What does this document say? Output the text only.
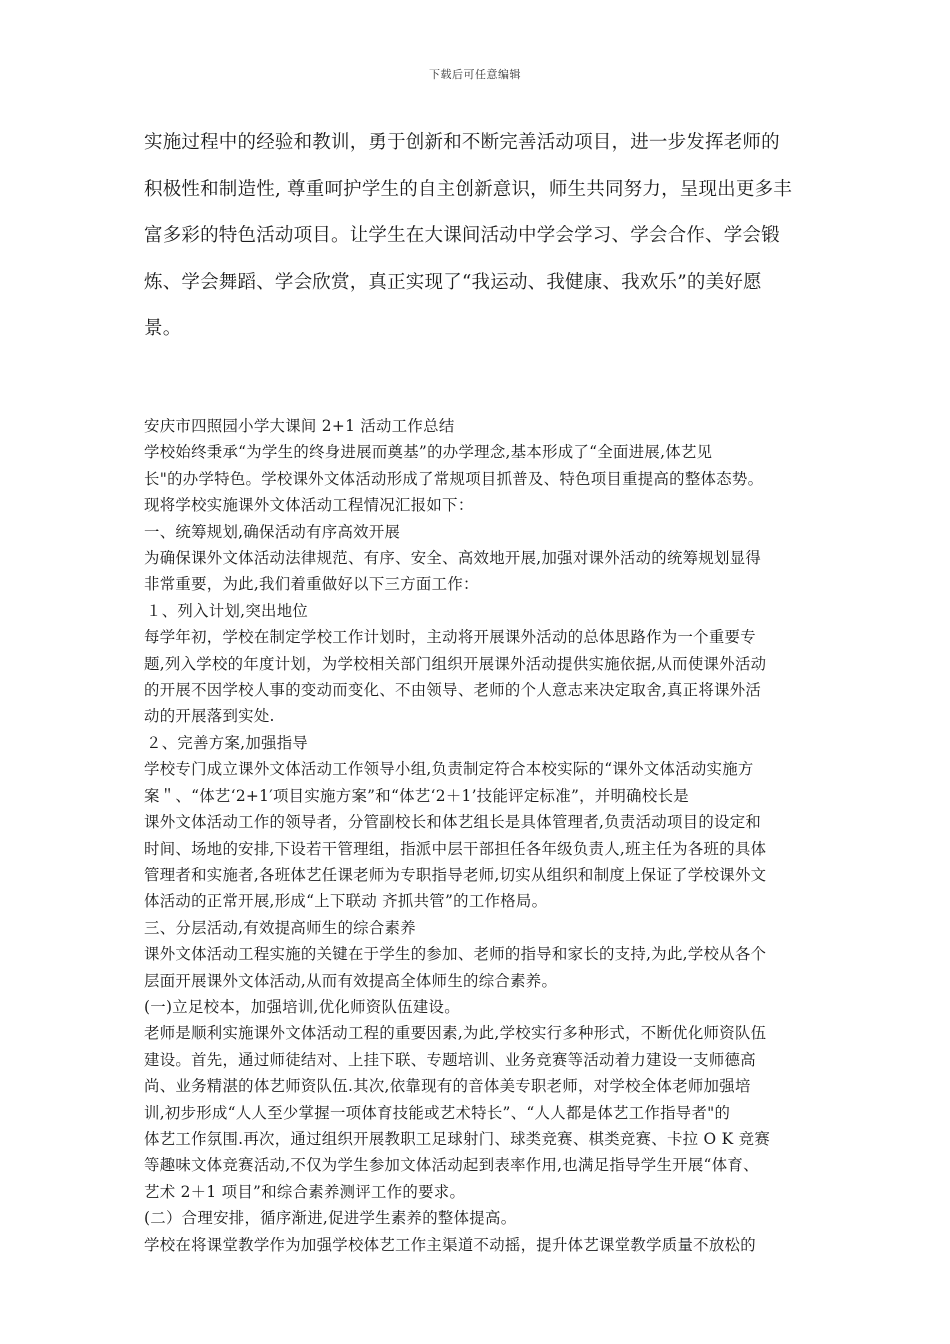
下载后可任意编辑

实施过程中的经验和教训，勇于创新和不断完善活动项目，进一步发挥老师的

积极性和制造性, 尊重呵护学生的自主创新意识，师生共同努力，呈现出更多丰

富多彩的特色活动项目。让学生在大课间活动中学会学习、学会合作、学会锻

炼、学会舞蹈、学会欣赏，真正实现了“我运动、我健康、我欢乐”的美好愿

景。

安庆市四照园小学大课间 2+1 活动工作总结

学校始终秉承“为学生的终身进展而奠基”的办学理念,基本形成了“全面进展,体艺见

长"的办学特色。学校课外文体活动形成了常规项目抓普及、特色项目重提高的整体态势。

现将学校实施课外文体活动工程情况汇报如下：

一、统筹规划,确保活动有序高效开展

为确保课外文体活动法律规范、有序、安全、高效地开展,加强对课外活动的统筹规划显得

非常重要，为此,我们着重做好以下三方面工作：

１、列入计划,突出地位

每学年初，学校在制定学校工作计划时，主动将开展课外活动的总体思路作为一个重要专

题,列入学校的年度计划，为学校相关部门组织开展课外活动提供实施依据,从而使课外活动

的开展不因学校人事的变动而变化、不由领导、老师的个人意志来决定取舍,真正将课外活

动的开展落到实处.

２、完善方案,加强指导

学校专门成立课外文体活动工作领导小组,负责制定符合本校实际的“课外文体活动实施方

案＂、“体艺‘2+1′项目实施方案”和“体艺‘2＋1’技能评定标准”，并明确校长是

课外文体活动工作的领导者，分管副校长和体艺组长是具体管理者,负责活动项目的设定和

时间、场地的安排,下设若干管理组，指派中层干部担任各年级负责人,班主任为各班的具体

管理者和实施者,各班体艺任课老师为专职指导老师,切实从组织和制度上保证了学校课外文

体活动的正常开展,形成“上下联动 齐抓共管”的工作格局。

三、分层活动,有效提高师生的综合素养

课外文体活动工程实施的关键在于学生的参加、老师的指导和家长的支持,为此,学校从各个

层面开展课外文体活动,从而有效提高全体师生的综合素养。

(一)立足校本，加强培训,优化师资队伍建设。

老师是顺利实施课外文体活动工程的重要因素,为此,学校实行多种形式，不断优化师资队伍

建设。首先，通过师徒结对、上挂下联、专题培训、业务竞赛等活动着力建设一支师德高

尚、业务精湛的体艺师资队伍.其次,依靠现有的音体美专职老师，对学校全体老师加强培

训,初步形成“人人至少掌握一项体育技能或艺术特长”、“人人都是体艺工作指导者"的

体艺工作氛围.再次，通过组织开展教职工足球射门、球类竞赛、棋类竞赛、卡拉 O K 竞赛

等趣味文体竞赛活动,不仅为学生参加文体活动起到表率作用,也满足指导学生开展“体育、

艺术 2＋1 项目”和综合素养测评工作的要求。

(二）合理安排，循序渐进,促进学生素养的整体提高。

学校在将课堂教学作为加强学校体艺工作主渠道不动摇，提升体艺课堂教学质量不放松的
